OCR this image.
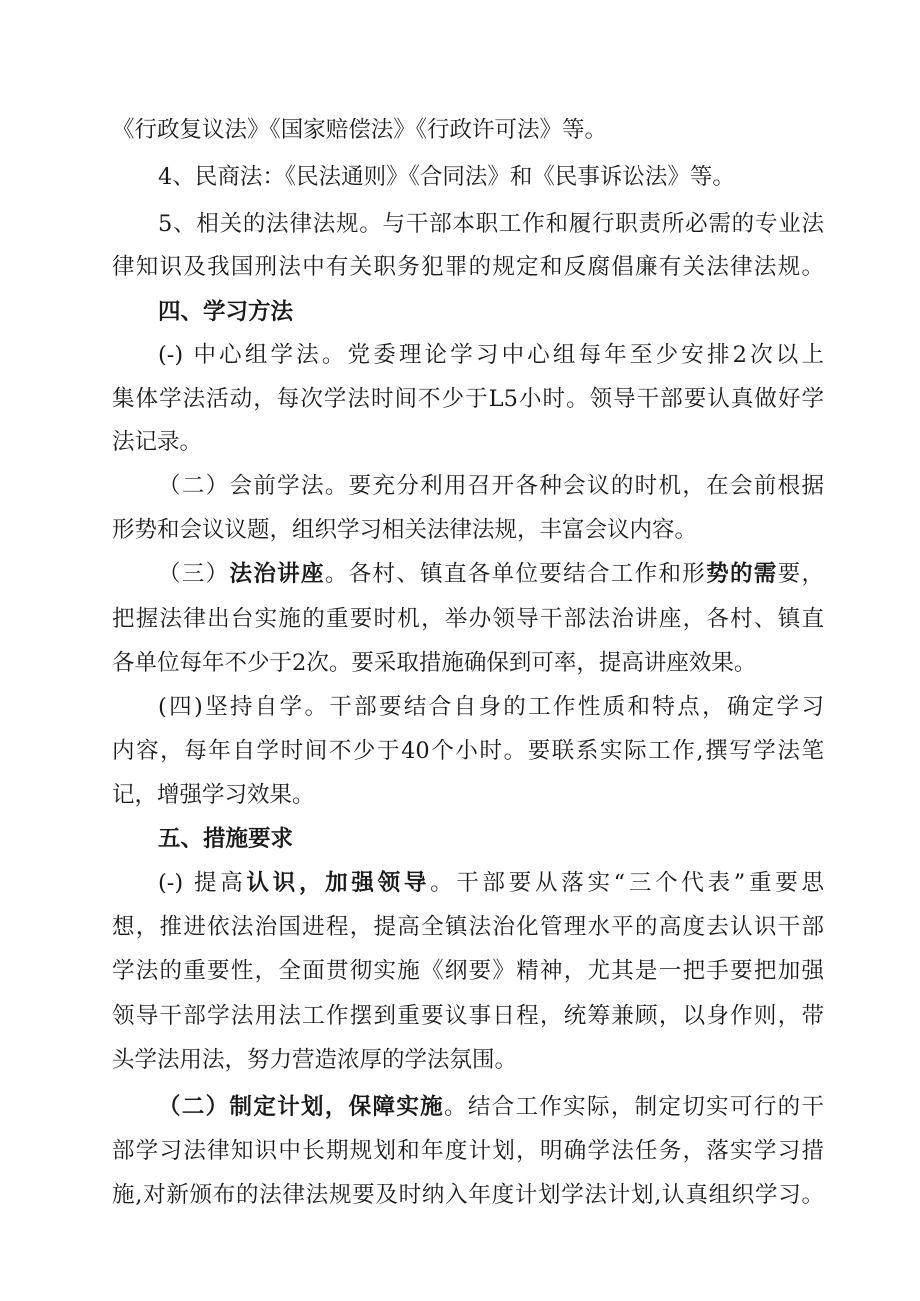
《行政复议法》《国家赔偿法》《行政许可法》等。
4、民商法：《民法通则》《合同法》和《民事诉讼法》等。
5、相关的法律法规。与干部本职工作和履行职责所必需的专业法
律知识及我国刑法中有关职务犯罪的规定和反腐倡廉有关法律法规。
四、学习方法
(-) 中心组学法。党委理论学习中心组每年至少安排2次以上
集体学法活动，每次学法时间不少于L5小时。领导干部要认真做好学
法记录。
（二）会前学法。要充分利用召开各种会议的时机，在会前根据
形势和会议议题，组织学习相关法律法规，丰富会议内容。
（三）法治讲座。各村、镇直各单位要结合工作和形势的需要，
把握法律出台实施的重要时机，举办领导干部法治讲座，各村、镇直
各单位每年不少于2次。要采取措施确保到可率，提高讲座效果。
(四)坚持自学。干部要结合自身的工作性质和特点，确定学习
内容，每年自学时间不少于40个小时。要联系实际工作,撰写学法笔
记，增强学习效果。
五、措施要求
(-) 提高认识，加强领导。干部要从落实“三个代表”重要思
想，推进依法治国进程，提高全镇法治化管理水平的高度去认识干部
学法的重要性，全面贯彻实施《纲要》精神，尤其是一把手要把加强
领导干部学法用法工作摆到重要议事日程，统筹兼顾，以身作则，带
头学法用法，努力营造浓厚的学法氛围。
（二）制定计划，保障实施。结合工作实际，制定切实可行的干
部学习法律知识中长期规划和年度计划，明确学法任务，落实学习措
施,对新颁布的法律法规要及时纳入年度计划学法计划,认真组织学习。
